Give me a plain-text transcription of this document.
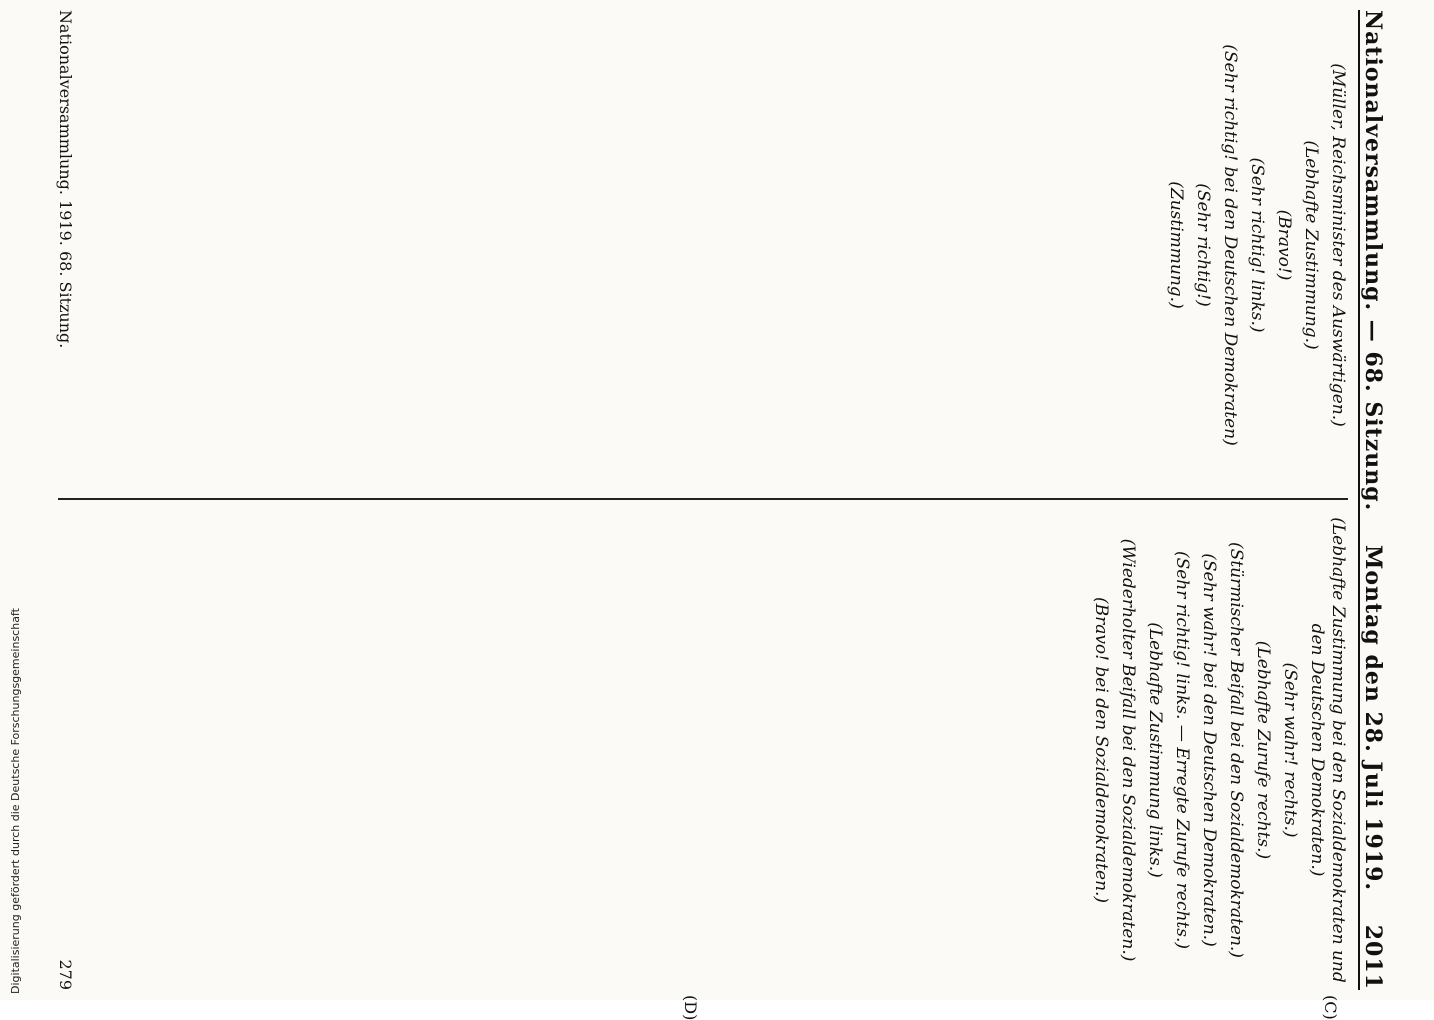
Nationalversammlung. — 68. Sitzung.
Montag den 28. Juli 1919.
2011

(Müller, Reichsminister des Auswärtigen.)

(Lebhafte Zustimmung.)

(Bravo!)

(Sehr richtig! links.)

(Sehr richtig! bei den Deutschen Demokraten)

(Sehr richtig!)

(Zustimmung.)

(Lebhafte Zustimmung bei den Sozialdemokraten und den Deutschen Demokraten.)

(Sehr wahr! rechts.)

(Lebhafte Zurufe rechts.)

(Stürmischer Beifall bei den Sozialdemokraten.)

(Sehr wahr! bei den Deutschen Demokraten.)

(Sehr richtig! links. — Erregte Zurufe rechts.)

(Lebhafte Zustimmung links.)

(Wiederholter Beifall bei den Sozialdemokraten.)

(Bravo! bei den Sozialdemokraten.)

(C)
(D)
Nationalversammlung. 1919. 68. Sitzung.
279
Digitalisierung gefördert durch die Deutsche Forschungsgemeinschaft
